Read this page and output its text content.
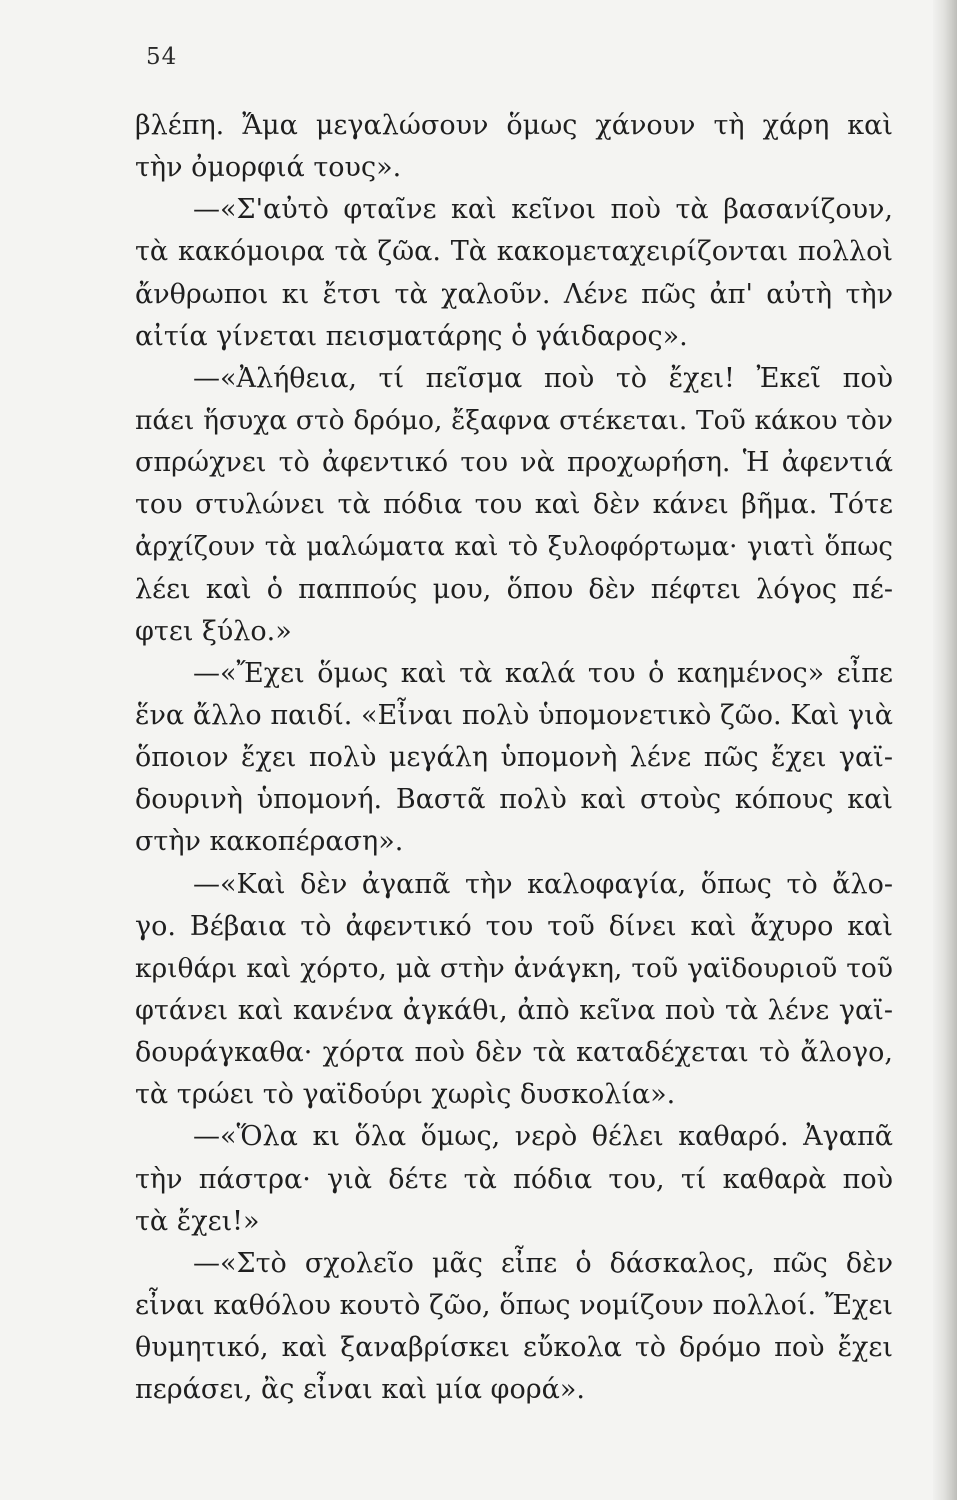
54
βλέπη. Ἄμα μεγαλώσουν ὅμως χάνουν τὴ χάρη καὶ
τὴν ὀμορφιά τους».
—«Σ'αὐτὸ φταῖνε καὶ κεῖνοι ποὺ τὰ βασανίζουν,
τὰ κακόμοιρα τὰ ζῶα. Τὰ κακομεταχειρίζονται πολλοὶ
ἄνθρωποι κι ἔτσι τὰ χαλοῦν. Λένε πῶς ἀπ' αὐτὴ τὴν
αἰτία γίνεται πεισματάρης ὁ γάιδαρος».
—«Ἀλήθεια, τί πεῖσμα ποὺ τὸ ἔχει! Ἐκεῖ ποὺ
πάει ἥσυχα στὸ δρόμο, ἔξαφνα στέκεται. Τοῦ κάκου τὸν
σπρώχνει τὸ ἀφεντικό του νὰ προχωρήση. Ἡ ἀφεντιά
του στυλώνει τὰ πόδια του καὶ δὲν κάνει βῆμα. Τότε
ἀρχίζουν τὰ μαλώματα καὶ τὸ ξυλοφόρτωμα· γιατὶ ὅπως
λέει καὶ ὁ παππούς μου, ὅπου δὲν πέφτει λόγος πέ-
φτει ξύλο.»
—«Ἔχει ὅμως καὶ τὰ καλά του ὁ καημένος» εἶπε
ἕνα ἄλλο παιδί. «Εἶναι πολὺ ὑπομονετικὸ ζῶο. Καὶ γιὰ
ὅποιον ἔχει πολὺ μεγάλη ὑπομονὴ λένε πῶς ἔχει γαϊ-
δουρινὴ ὑπομονή. Βαστᾶ πολὺ καὶ στοὺς κόπους καὶ
στὴν κακοπέραση».
—«Καὶ δὲν ἀγαπᾶ τὴν καλοφαγία, ὅπως τὸ ἄλο-
γο. Βέβαια τὸ ἀφεντικό του τοῦ δίνει καὶ ἄχυρο καὶ
κριθάρι καὶ χόρτο, μὰ στὴν ἀνάγκη, τοῦ γαϊδουριοῦ τοῦ
φτάνει καὶ κανένα ἀγκάθι, ἀπὸ κεῖνα ποὺ τὰ λένε γαϊ-
δουράγκαθα· χόρτα ποὺ δὲν τὰ καταδέχεται τὸ ἄλογο,
τὰ τρώει τὸ γαϊδούρι χωρὶς δυσκολία».
—«Ὅλα κι ὅλα ὅμως, νερὸ θέλει καθαρό. Ἀγαπᾶ
τὴν πάστρα· γιὰ δέτε τὰ πόδια του, τί καθαρὰ ποὺ
τὰ ἔχει!»
—«Στὸ σχολεῖο μᾶς εἶπε ὁ δάσκαλος, πῶς δὲν
εἶναι καθόλου κουτὸ ζῶο, ὅπως νομίζουν πολλοί. Ἔχει
θυμητικό, καὶ ξαναβρίσκει εὔκολα τὸ δρόμο ποὺ ἔχει
περάσει, ἂς εἶναι καὶ μία φορά».
